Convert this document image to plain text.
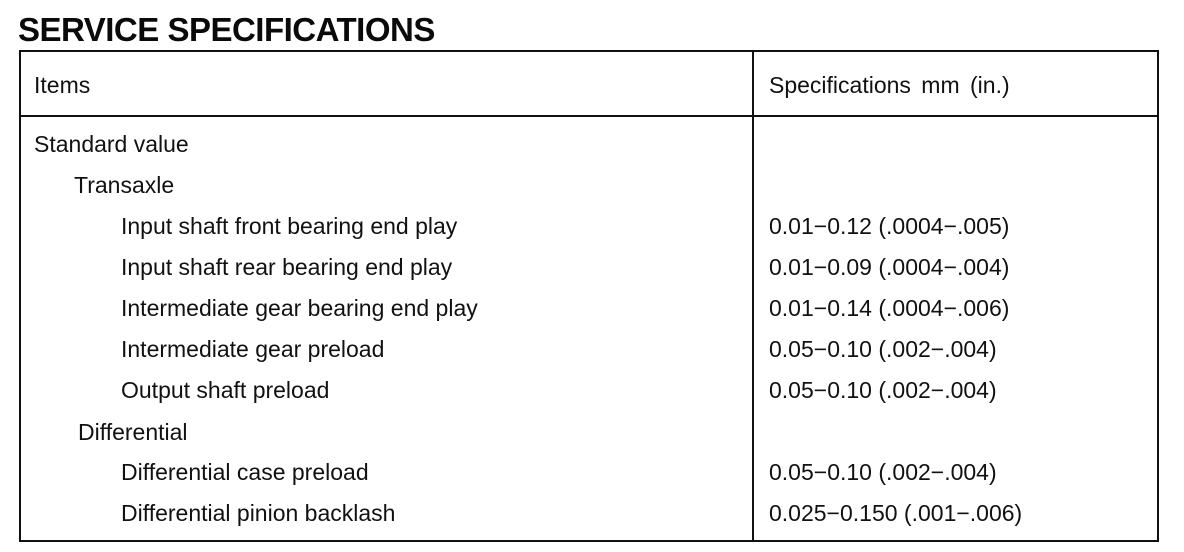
SERVICE SPECIFICATIONS
Items	Specifications mm (in.)
Standard value
Transaxle
Input shaft front bearing end play	0.01−0.12 (.0004−.005)
Input shaft rear bearing end play	0.01−0.09 (.0004−.004)
Intermediate gear bearing end play	0.01−0.14 (.0004−.006)
Intermediate gear preload	0.05−0.10 (.002−.004)
Output shaft preload	0.05−0.10 (.002−.004)
Differential
Differential case preload	0.05−0.10 (.002−.004)
Differential pinion backlash	0.025−0.150 (.001−.006)
